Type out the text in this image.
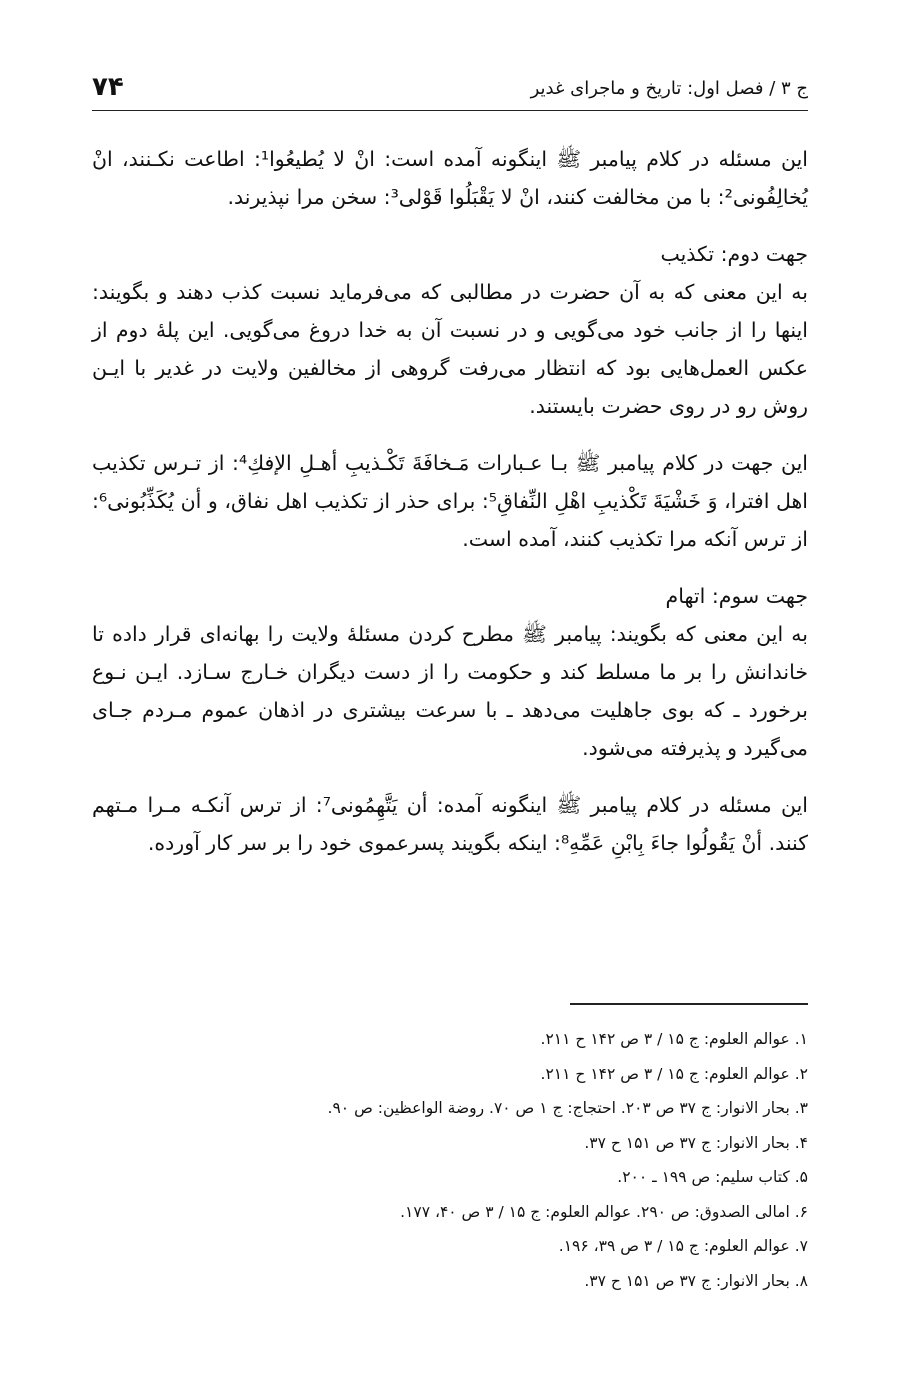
ج ۳ / فصل اول: تاریخ و ماجرای غدیر
۷۴

این مسئله در کلام پیامبر ﷺ اینگونه آمده است: انْ لا يُطيعُوا¹: اطاعت نکـنند، انْ يُخالِفُونى²: با من مخالفت کنند، انْ لا يَقْبَلُوا قَوْلى³: سخن مرا نپذیرند.

جهت دوم: تکذیب

به این معنی که به آن حضرت در مطالبی که می‌فرماید نسبت کذب دهند و بگویند: اینها را از جانب خود می‌گویی و در نسبت آن به خدا دروغ می‌گویی. این پلهٔ دوم از عکس العمل‌هایی بود که انتظار می‌رفت گروهی از مخالفین ولایت در غدیر با ایـن روش رو در روی حضرت بایستند.

این جهت در کلام پیامبر ﷺ بـا عـبارات مَـخافَةَ تَكْـذيبِ أهـلِ الإفكِ⁴: از تـرس تکذیب اهل افترا، وَ خَشْيَةَ تَكْذيبِ اهْلِ النِّفاقِ⁵: برای حذر از تکذیب اهل نفاق، و أن يُكَذِّبُونى⁶: از ترس آنکه مرا تکذیب کنند، آمده است.

جهت سوم: اتهام

به این معنی که بگویند: پیامبر ﷺ مطرح کردن مسئلهٔ ولایت را بهانه‌ای قرار داده تا خاندانش را بر ما مسلط کند و حکومت را از دست دیگران خـارج سـازد. ایـن نـوع برخورد ـ که بوی جاهلیت می‌دهد ـ با سرعت بیشتری در اذهان عموم مـردم جـای می‌گیرد و پذیرفته می‌شود.

این مسئله در کلام پیامبر ﷺ اینگونه آمده: أن يَتَّهِمُونى⁷: از ترس آنکـه مـرا مـتهم کنند. أنْ يَقُولُوا جاءَ بِابْنِ عَمِّهِ⁸: اینکه بگویند پسرعموی خود را بر سر کار آورده.

۱. عوالم العلوم: ج ۱۵ / ۳ ص ۱۴۲ ح ۲۱۱.
۲. عوالم العلوم: ج ۱۵ / ۳ ص ۱۴۲ ح ۲۱۱.
۳. بحار الانوار: ج ۳۷ ص ۲۰۳. احتجاج: ج ۱ ص ۷۰. روضة الواعظين: ص ۹۰.
۴. بحار الانوار: ج ۳۷ ص ۱۵۱ ح ۳۷.
۵. کتاب سلیم: ص ۱۹۹ ـ ۲۰۰.
۶. امالی الصدوق: ص ۲۹۰. عوالم العلوم: ج ۱۵ / ۳ ص ۴۰، ۱۷۷.
۷. عوالم العلوم: ج ۱۵ / ۳ ص ۳۹، ۱۹۶.
۸. بحار الانوار: ج ۳۷ ص ۱۵۱ ح ۳۷.
